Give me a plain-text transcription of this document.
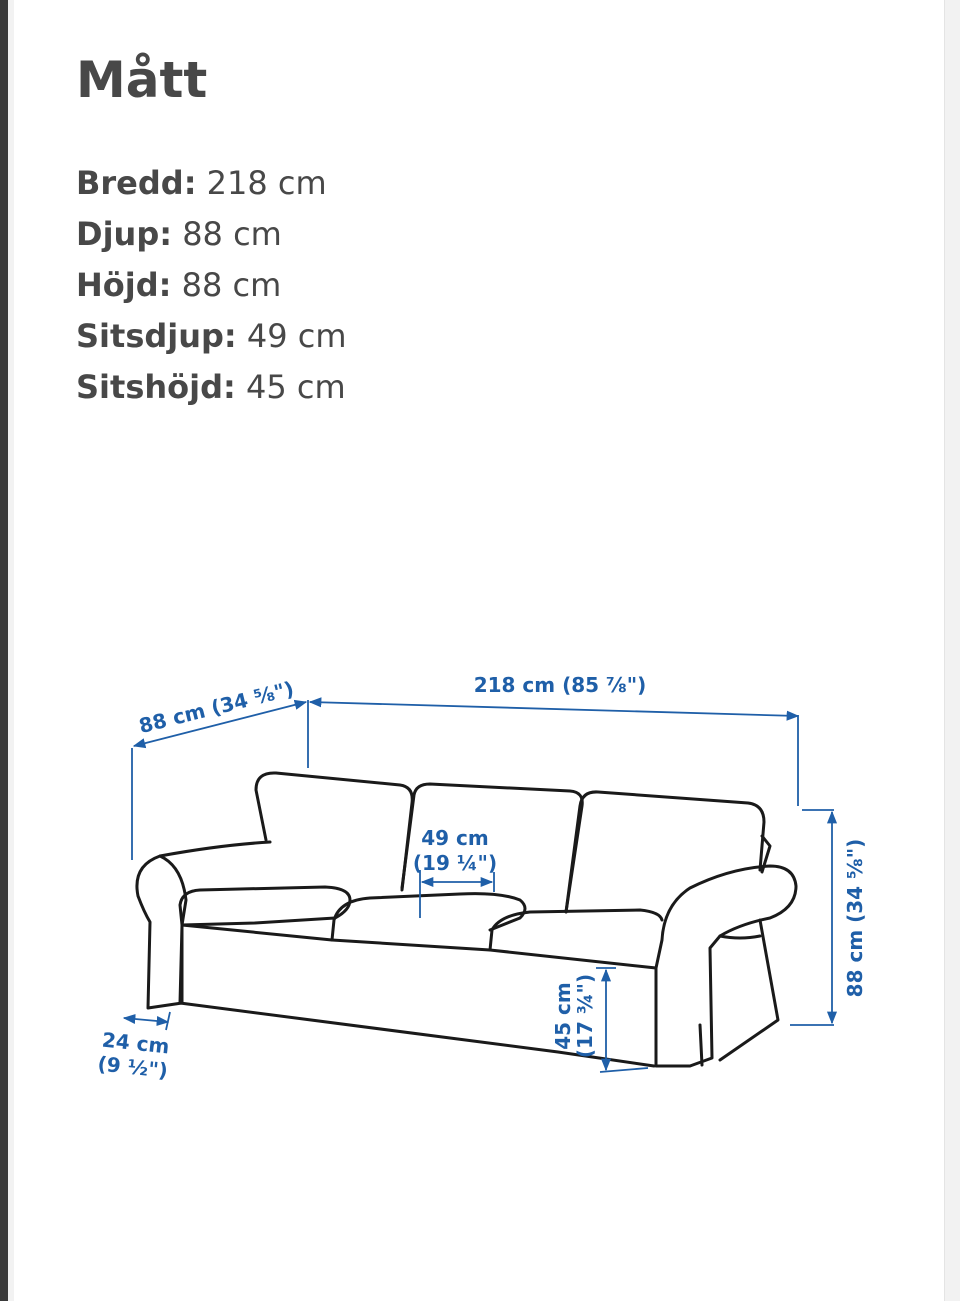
Mått
Bredd: 218 cm
Djup: 88 cm
Höjd: 88 cm
Sitsdjup: 49 cm
Sitshöjd: 45 cm
218 cm (85 ⅞")
88 cm (34 ⅝")
88 cm (34 ⅝")
49 cm
(19 ¼")
45 cm
(17 ¾")
24 cm
(9 ½")
